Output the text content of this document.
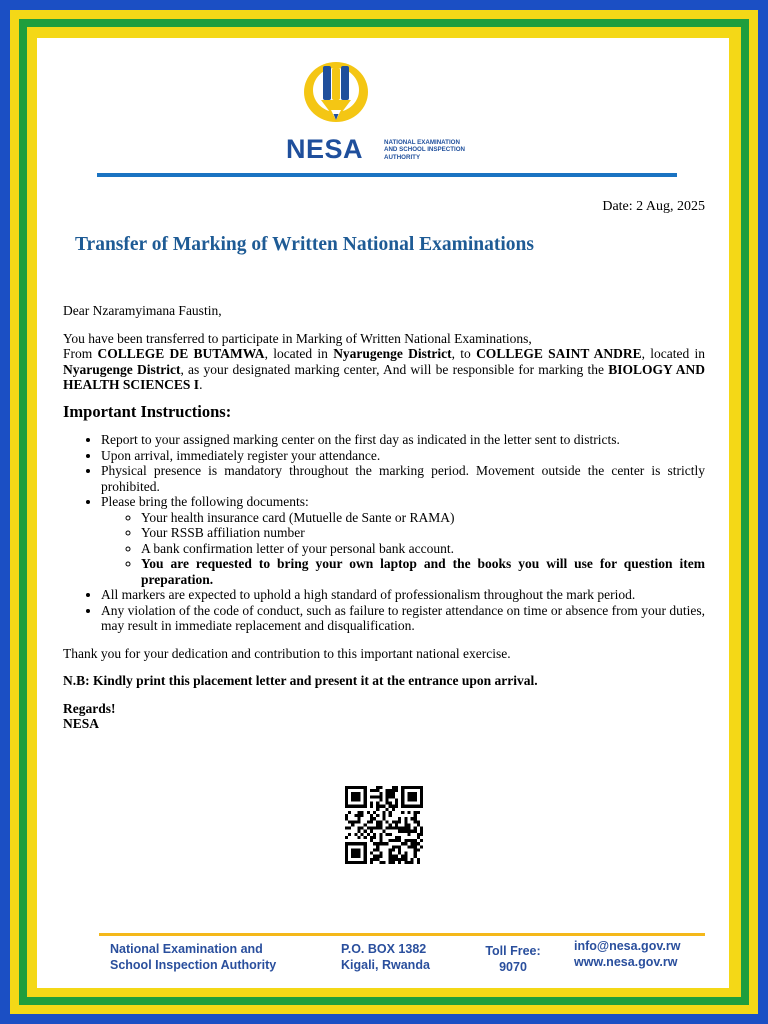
NESA	NATIONAL EXAMINATION
AND SCHOOL INSPECTION
AUTHORITY
Date: 2 Aug, 2025
Transfer of Marking of Written National Examinations

Dear Nzaramyimana Faustin,

You have been transferred to participate in Marking of Written National Examinations,

From COLLEGE DE BUTAMWA, located in Nyarugenge District, to COLLEGE SAINT ANDRE, located in Nyarugenge District, as your designated marking center, And will be responsible for marking the BIOLOGY AND HEALTH SCIENCES I.

Important Instructions:

• Report to your assigned marking center on the first day as indicated in the letter sent to districts.
• Upon arrival, immediately register your attendance.
• Physical presence is mandatory throughout the marking period. Movement outside the center is strictly prohibited.
• Please bring the following documents:
◦ Your health insurance card (Mutuelle de Sante or RAMA)
◦ Your RSSB affiliation number
◦ A bank confirmation letter of your personal bank account.
◦ You are requested to bring your own laptop and the books you will use for question item preparation.
• All markers are expected to uphold a high standard of professionalism throughout the mark period.
• Any violation of the code of conduct, such as failure to register attendance on time or absence from your duties, may result in immediate replacement and disqualification.

Thank you for your dedication and contribution to this important national exercise.

N.B: Kindly print this placement letter and present it at the entrance upon arrival.

Regards!

NESA

National Examination and
School Inspection Authority
P.O. BOX 1382
Kigali, Rwanda
Toll Free:
9070
info@nesa.gov.rw
www.nesa.gov.rw
